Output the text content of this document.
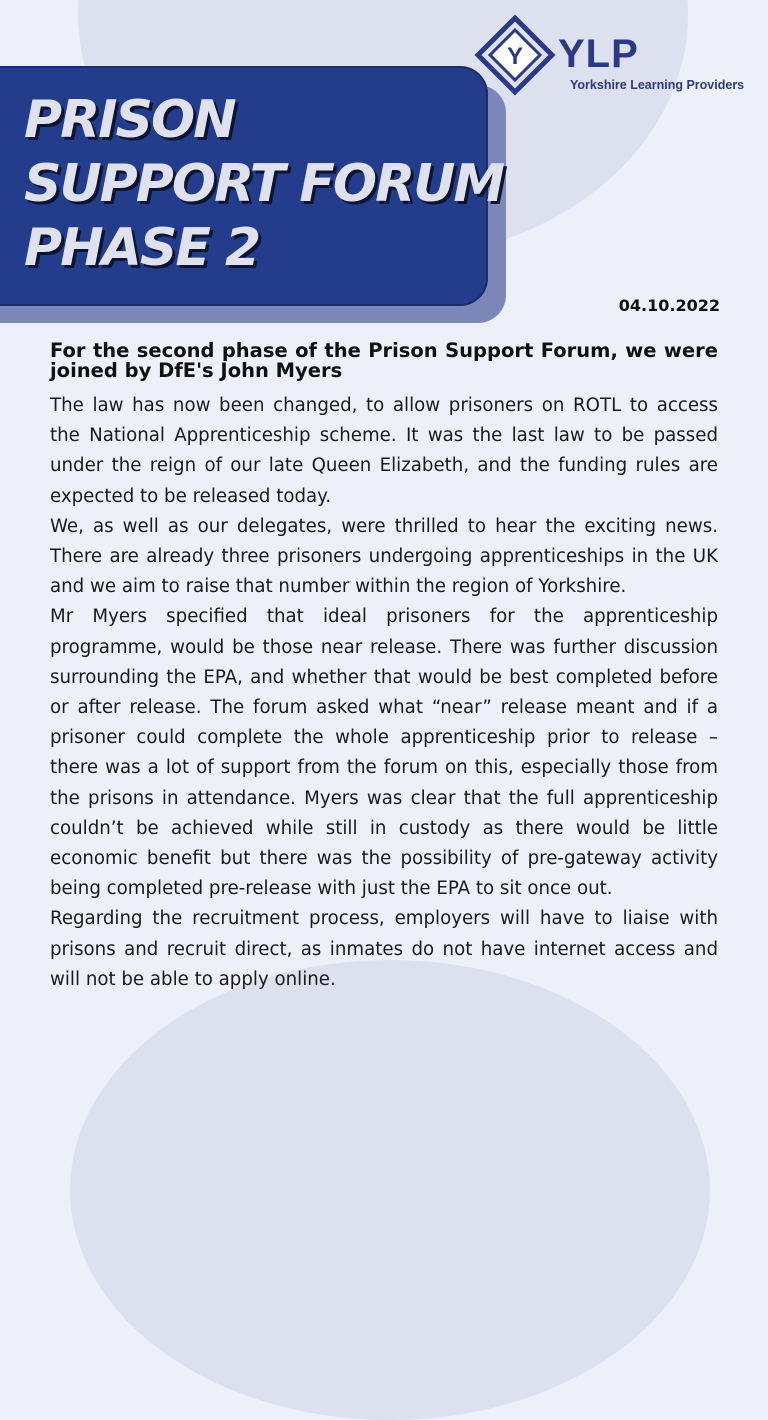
Y YLP
Yorkshire Learning Providers
PRISON
SUPPORT FORUM
PHASE 2
04.10.2022
For the second phase of the Prison Support Forum, we were joined by DfE's John Myers

The law has now been changed, to allow prisoners on ROTL to access the National Apprenticeship scheme. It was the last law to be passed under the reign of our late Queen Elizabeth, and the funding rules are expected to be released today.

We, as well as our delegates, were thrilled to hear the exciting news. There are already three prisoners undergoing apprenticeships in the UK and we aim to raise that number within the region of Yorkshire.

Mr Myers specified that ideal prisoners for the apprenticeship programme, would be those near release. There was further discussion surrounding the EPA, and whether that would be best completed before or after release. The forum asked what “near” release meant and if a prisoner could complete the whole apprenticeship prior to release – there was a lot of support from the forum on this, especially those from the prisons in attendance. Myers was clear that the full apprenticeship couldn’t be achieved while still in custody as there would be little economic benefit but there was the possibility of pre-gateway activity being completed pre-release with just the EPA to sit once out.

Regarding the recruitment process, employers will have to liaise with prisons and recruit direct, as inmates do not have internet access and will not be able to apply online.
